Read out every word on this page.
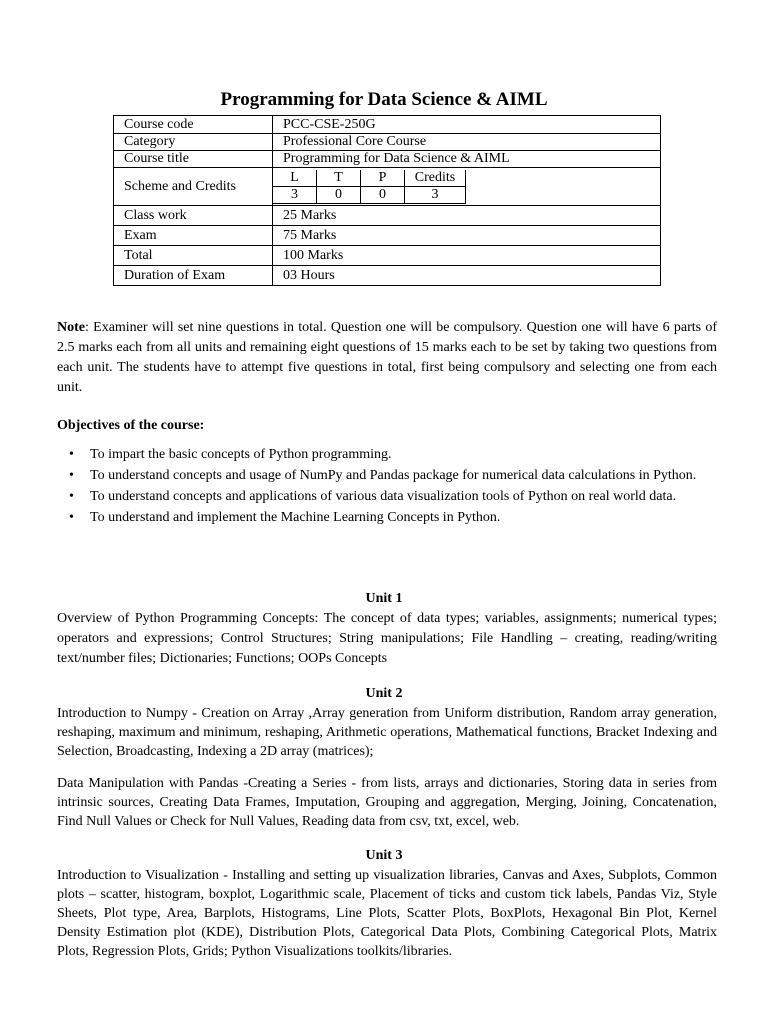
Programming for Data Science & AIML
Course code	PCC-CSE-250G
Category	Professional Core Course
Course title	Programming for Data Science & AIML
Scheme and Credits	
L	T	P	Credits
3	0	0	3

Class work	25 Marks
Exam	75 Marks
Total	100 Marks
Duration of Exam	03 Hours

Note: Examiner will set nine questions in total. Question one will be compulsory. Question one will have 6 parts of 2.5 marks each from all units and remaining eight questions of 15 marks each to be set by taking two questions from each unit. The students have to attempt five questions in total, first being compulsory and selecting one from each unit.

Objectives of the course:
• To impart the basic concepts of Python programming.
• To understand concepts and usage of NumPy and Pandas package for numerical data calculations in Python.
• To understand concepts and applications of various data visualization tools of Python on real world data.
• To understand and implement the Machine Learning Concepts in Python.
Unit 1

Overview of Python Programming Concepts: The concept of data types; variables, assignments; numerical types; operators and expressions; Control Structures; String manipulations; File Handling – creating, reading/writing text/number files; Dictionaries; Functions; OOPs Concepts

Unit 2

Introduction to Numpy - Creation on Array ,Array generation from Uniform distribution, Random array generation, reshaping, maximum and minimum, reshaping, Arithmetic operations, Mathematical functions, Bracket Indexing and Selection, Broadcasting, Indexing a 2D array (matrices);

Data Manipulation with Pandas -Creating a Series - from lists, arrays and dictionaries, Storing data in series from intrinsic sources, Creating Data Frames, Imputation, Grouping and aggregation, Merging, Joining, Concatenation, Find Null Values or Check for Null Values, Reading data from csv, txt, excel, web.

Unit 3

Introduction to Visualization - Installing and setting up visualization libraries, Canvas and Axes, Subplots, Common plots – scatter, histogram, boxplot, Logarithmic scale, Placement of ticks and custom tick labels, Pandas Viz, Style Sheets, Plot type, Area, Barplots, Histograms, Line Plots, Scatter Plots, BoxPlots, Hexagonal Bin Plot, Kernel Density Estimation plot (KDE), Distribution Plots, Categorical Data Plots, Combining Categorical Plots, Matrix Plots, Regression Plots, Grids; Python Visualizations toolkits/libraries.
